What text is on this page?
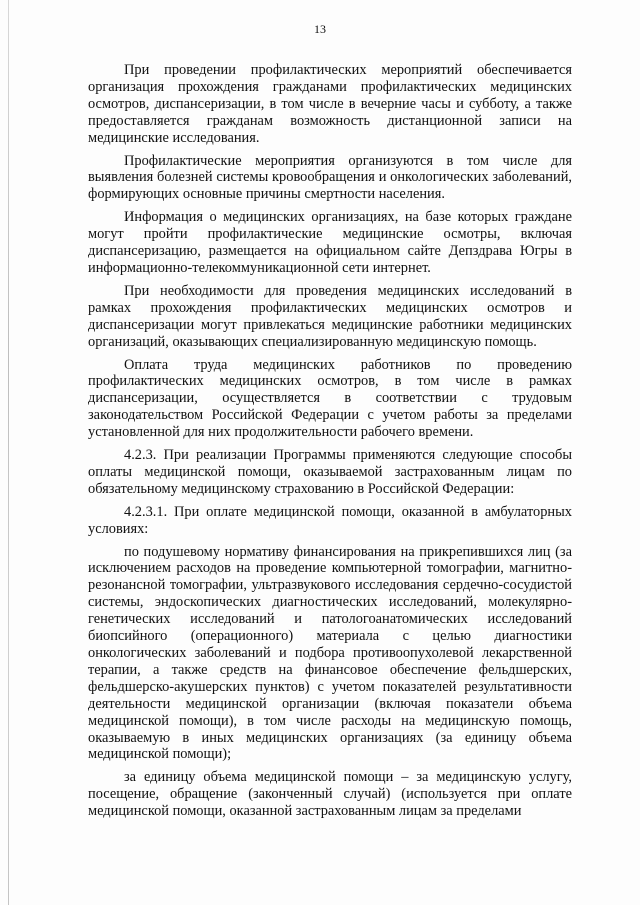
13

При проведении профилактических мероприятий обеспечивается организация прохождения гражданами профилактических медицинских осмотров, диспансеризации, в том числе в вечерние часы и субботу, а также предоставляется гражданам возможность дистанционной записи на медицинские исследования.

Профилактические мероприятия организуются в том числе для выявления болезней системы кровообращения и онкологических заболеваний, формирующих основные причины смертности населения.

Информация о медицинских организациях, на базе которых граждане могут пройти профилактические медицинские осмотры, включая диспансеризацию, размещается на официальном сайте Депздрава Югры в информационно-телекоммуникационной сети интернет.

При необходимости для проведения медицинских исследований в рамках прохождения профилактических медицинских осмотров и диспансеризации могут привлекаться медицинские работники медицинских организаций, оказывающих специализированную медицинскую помощь.

Оплата труда медицинских работников по проведению профилактических медицинских осмотров, в том числе в рамках диспансеризации, осуществляется в соответствии с трудовым законодательством Российской Федерации с учетом работы за пределами установленной для них продолжительности рабочего времени.

4.2.3. При реализации Программы применяются следующие способы оплаты медицинской помощи, оказываемой застрахованным лицам по обязательному медицинскому страхованию в Российской Федерации:

4.2.3.1. При оплате медицинской помощи, оказанной в амбулаторных условиях:

по подушевому нормативу финансирования на прикрепившихся лиц (за исключением расходов на проведение компьютерной томографии, магнитно-резонансной томографии, ультразвукового исследования сердечно-сосудистой системы, эндоскопических диагностических исследований, молекулярно-генетических исследований и патологоанатомических исследований биопсийного (операционного) материала с целью диагностики онкологических заболеваний и подбора противоопухолевой лекарственной терапии, а также средств на финансовое обеспечение фельдшерских, фельдшерско-акушерских пунктов) с учетом показателей результативности деятельности медицинской организации (включая показатели объема медицинской помощи), в том числе расходы на медицинскую помощь, оказываемую в иных медицинских организациях (за единицу объема медицинской помощи);

за единицу объема медицинской помощи – за медицинскую услугу, посещение, обращение (законченный случай) (используется при оплате медицинской помощи, оказанной застрахованным лицам за пределами
